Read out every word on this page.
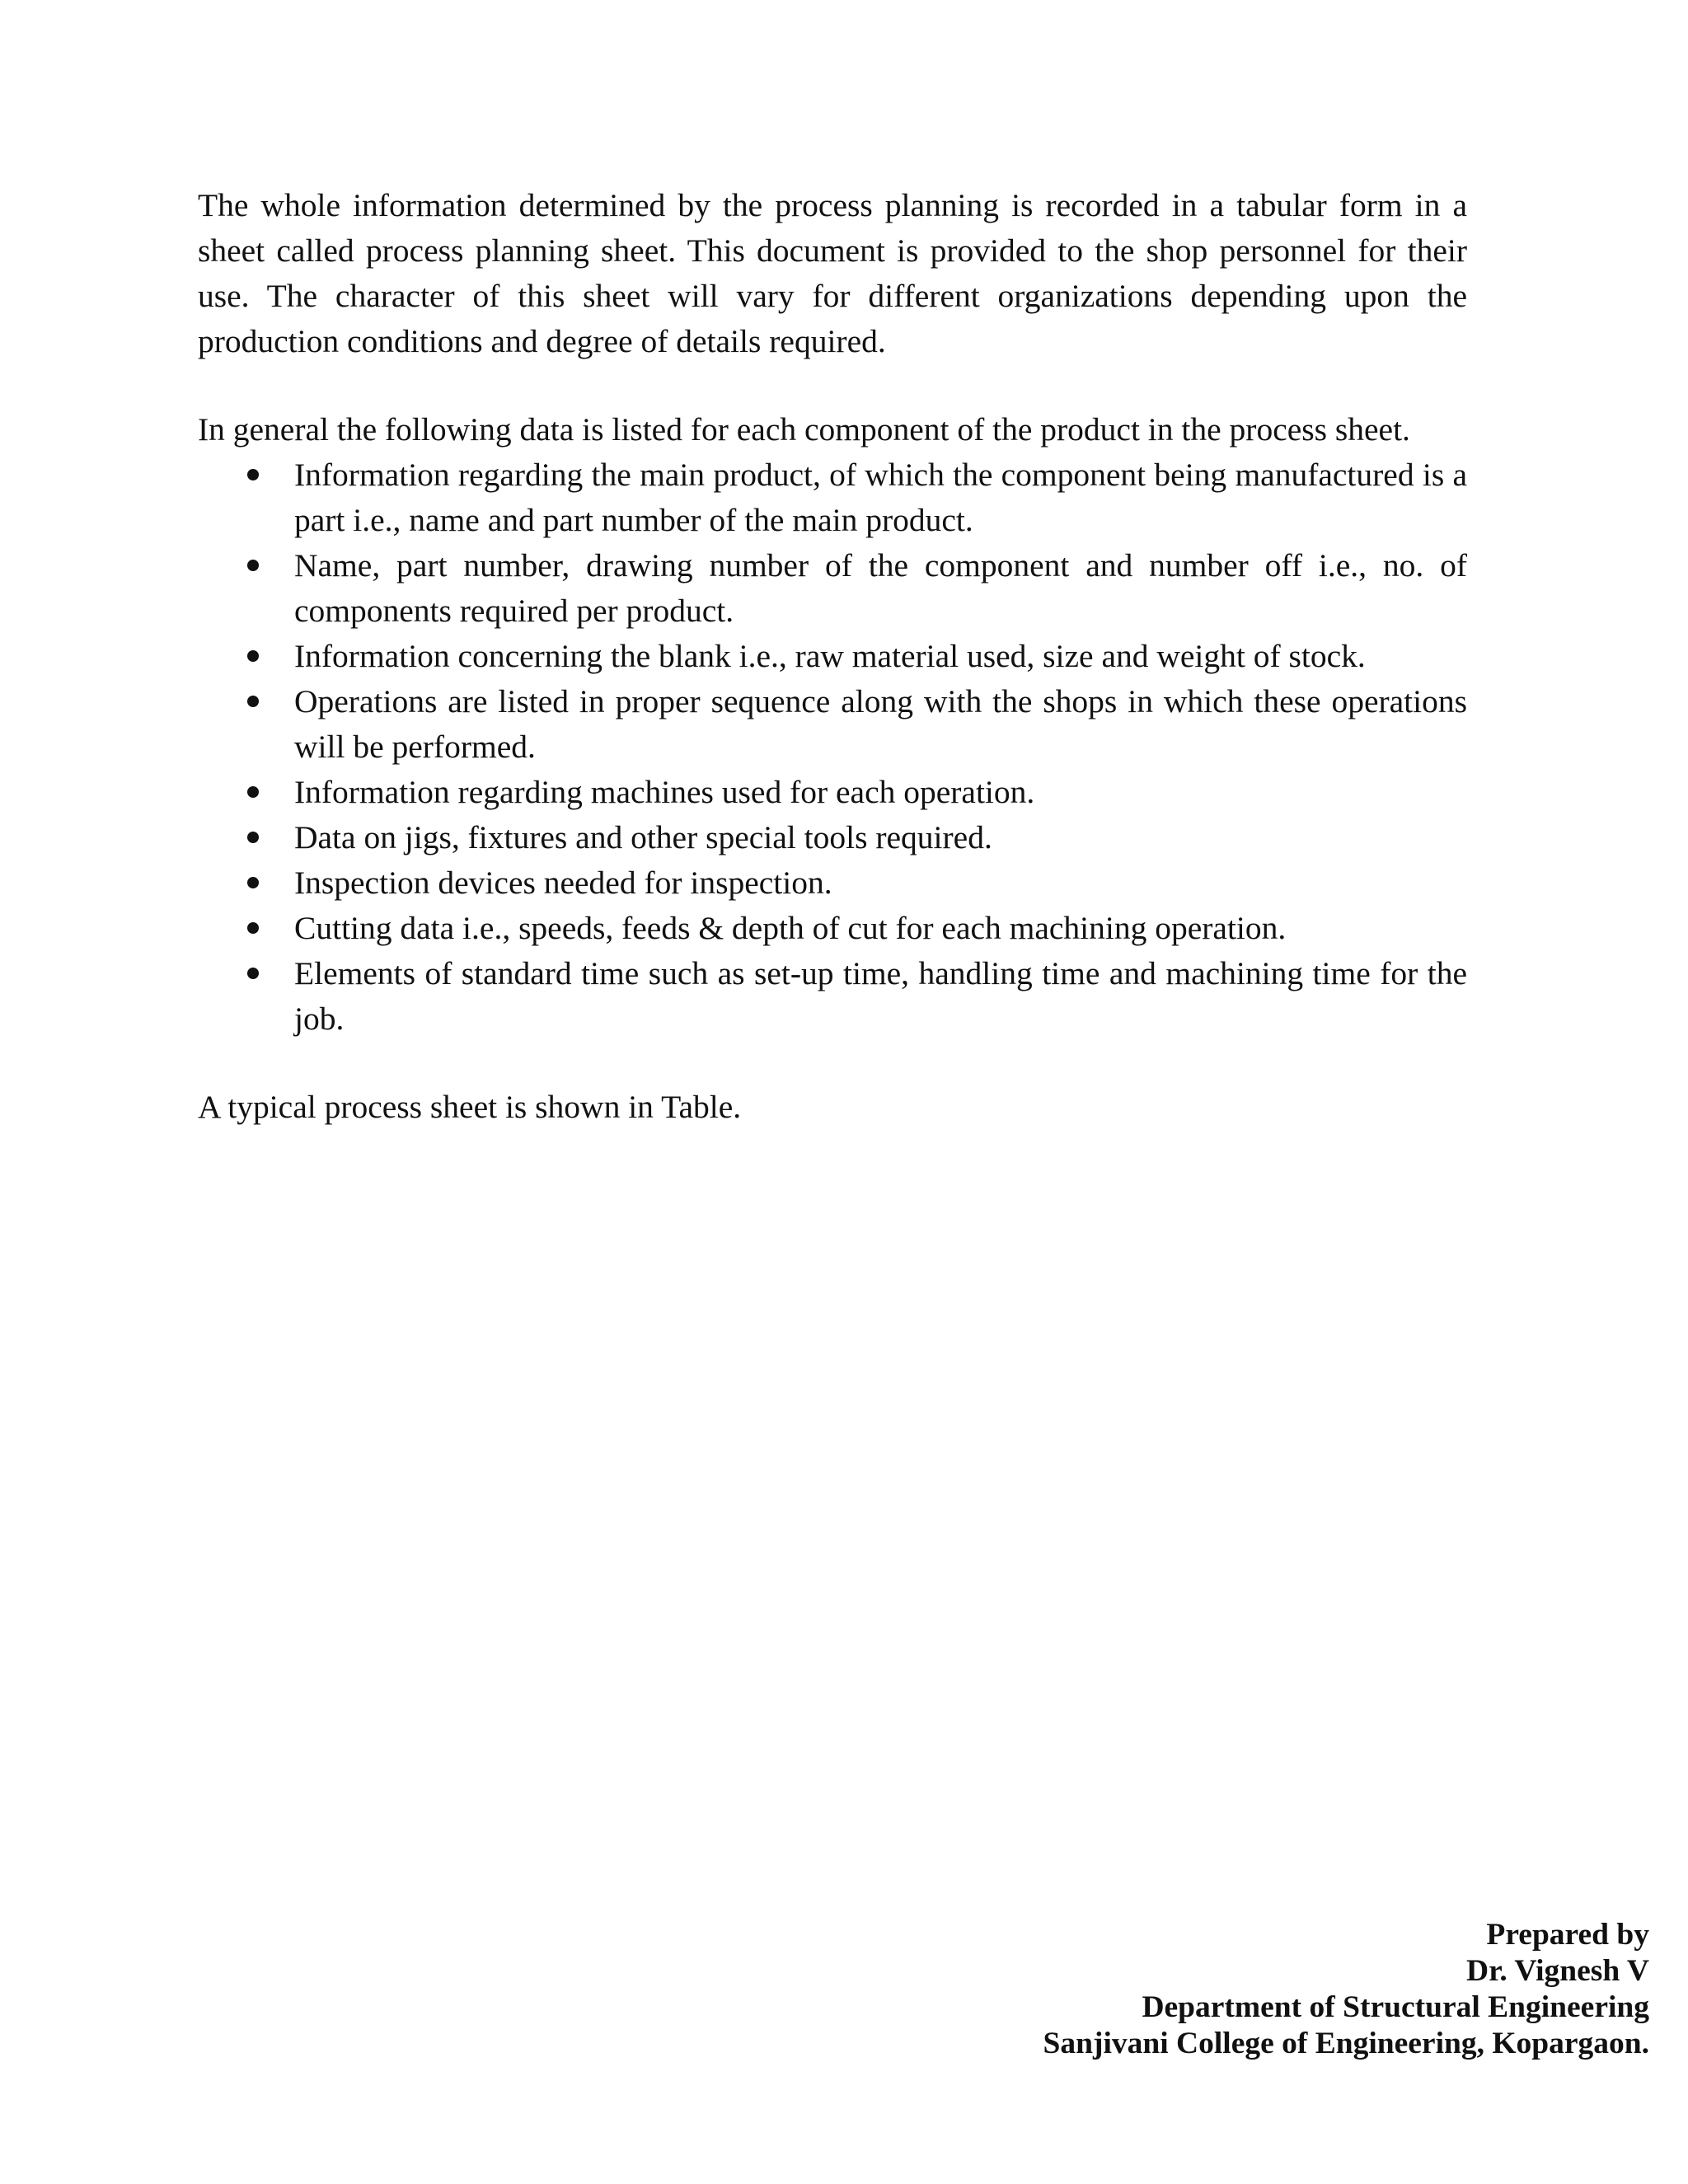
The whole information determined by the process planning is recorded in a tabular form in a sheet called process planning sheet. This document is provided to the shop personnel for their use. The character of this sheet will vary for different organizations depending upon the production conditions and degree of details required.

In general the following data is listed for each component of the product in the process sheet.

Information regarding the main product, of which the component being manufactured is a part i.e., name and part number of the main product.
Name, part number, drawing number of the component and number off i.e., no. of components required per product.
Information concerning the blank i.e., raw material used, size and weight of stock.
Operations are listed in proper sequence along with the shops in which these operations will be performed.
Information regarding machines used for each operation.
Data on jigs, fixtures and other special tools required.
Inspection devices needed for inspection.
Cutting data i.e., speeds, feeds & depth of cut for each machining operation.
Elements of standard time such as set-up time, handling time and machining time for the job.

A typical process sheet is shown in Table.

Prepared by
Dr. Vignesh V
Department of Structural Engineering
Sanjivani College of Engineering, Kopargaon.
